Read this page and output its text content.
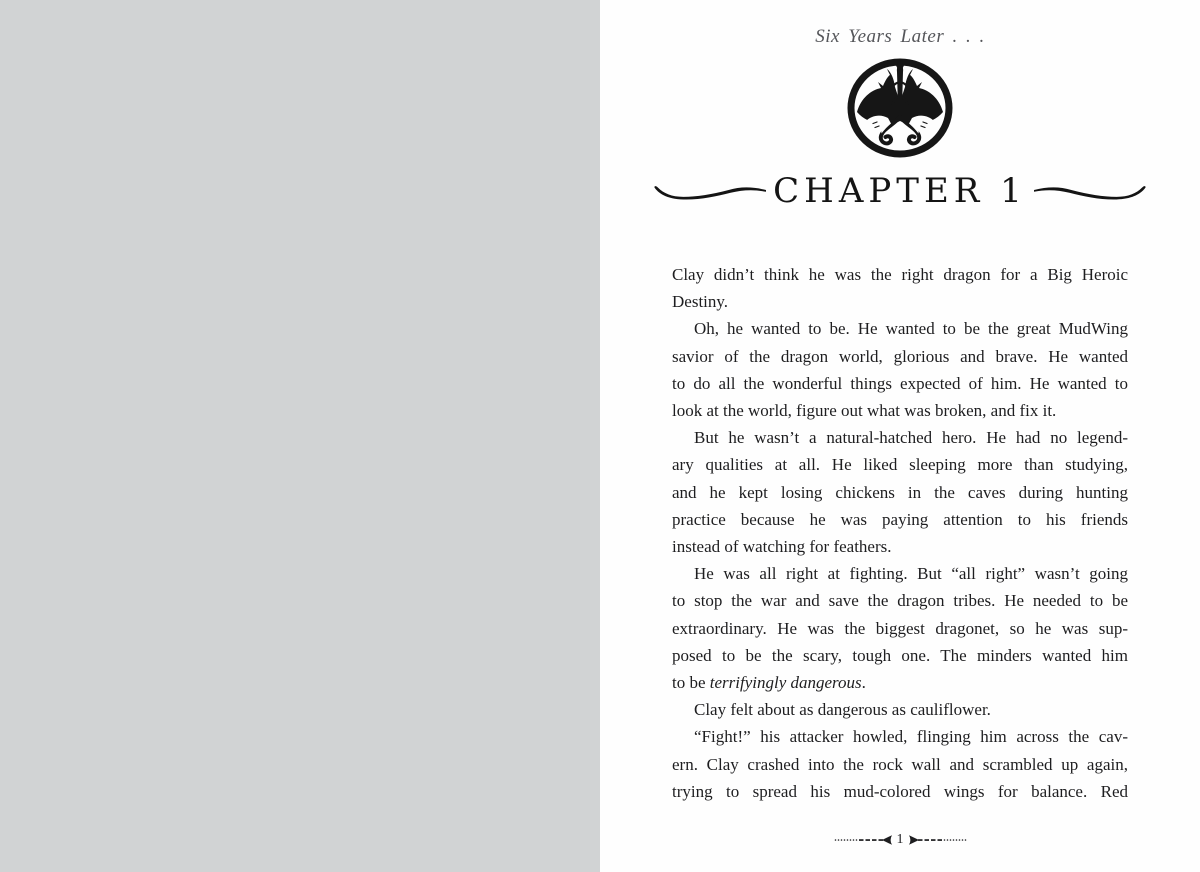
Six Years Later . . .
CHAPTER 1
Clay didn’t think he was the right dragon for a Big Heroic
Destiny.
Oh, he wanted to be. He wanted to be the great MudWing
savior of the dragon world, glorious and brave. He wanted
to do all the wonderful things expected of him. He wanted to
look at the world, figure out what was broken, and fix it.
But he wasn’t a natural-hatched hero. He had no legend-
ary qualities at all. He liked sleeping more than studying,
and he kept losing chickens in the caves during hunting
practice because he was paying attention to his friends
instead of watching for feathers.
He was all right at fighting. But “all right” wasn’t going
to stop the war and save the dragon tribes. He needed to be
extraordinary. He was the biggest dragonet, so he was sup-
posed to be the scary, tough one. The minders wanted him
to be terrifyingly dangerous.
Clay felt about as dangerous as cauliflower.
“Fight!” his attacker howled, flinging him across the cav-
ern. Clay crashed into the rock wall and scrambled up again,
trying to spread his mud-colored wings for balance. Red
1
